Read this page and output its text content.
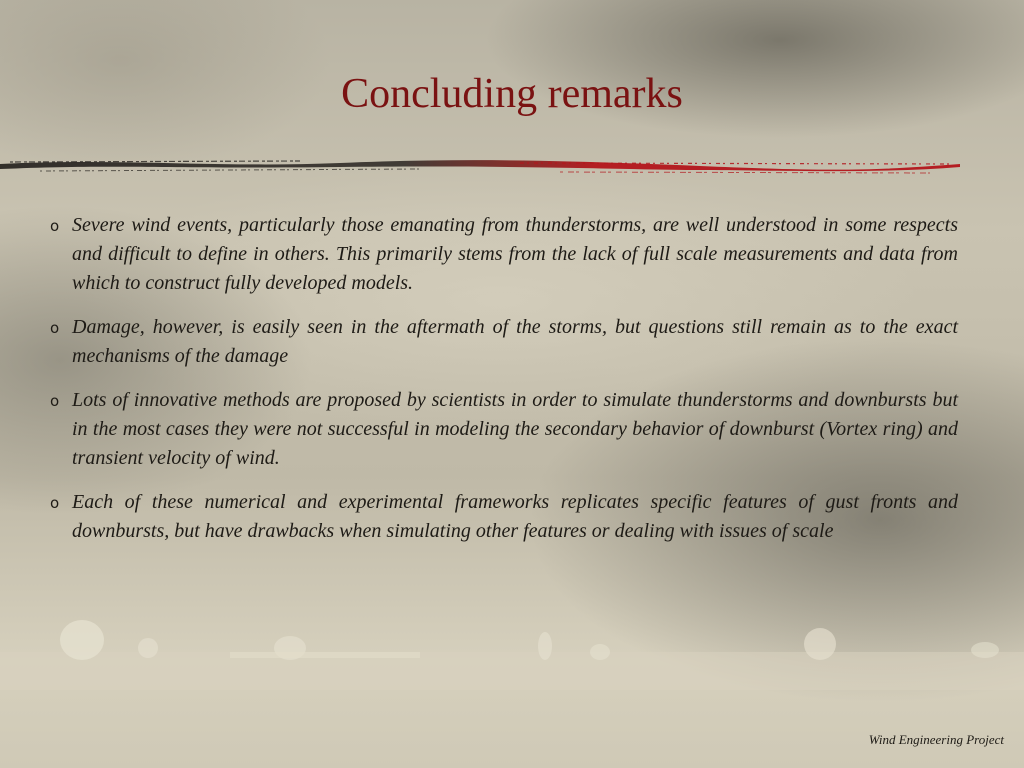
Concluding remarks
o Severe wind events, particularly those emanating from thunderstorms, are well understood in some respects and difficult to define in others. This primarily stems from the lack of full scale measurements and data from which to construct fully developed models.
o Damage, however, is easily seen in the aftermath of the storms, but questions still remain as to the exact mechanisms of the damage
o Lots of innovative methods are proposed by scientists in order to simulate thunderstorms and downbursts but in the most cases they were not successful in modeling the secondary behavior of downburst (Vortex ring) and transient velocity of wind.
o Each of these numerical and experimental frameworks replicates specific features of gust fronts and downbursts, but have drawbacks when simulating other features or dealing with issues of scale
Wind Engineering Project
